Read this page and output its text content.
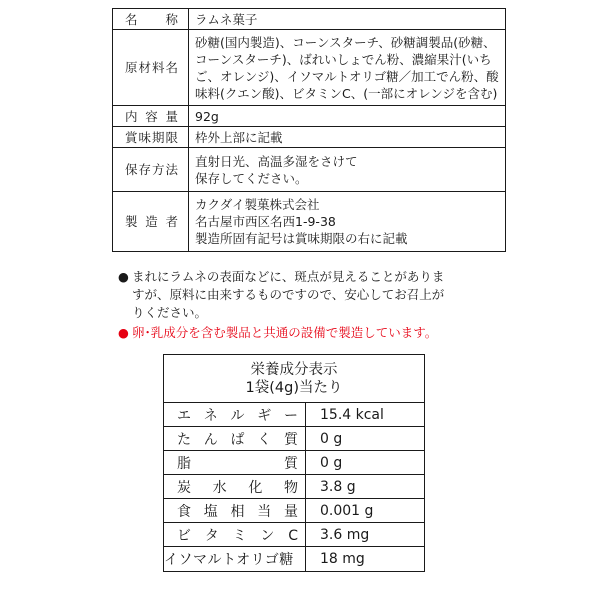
名称	ラムネ菓子
原材料名	砂糖(国内製造)、コーンスターチ、砂糖調製品(砂糖、
コーンスターチ)、ばれいしょでん粉、濃縮果汁(いち
ご、オレンジ)、イソマルトオリゴ糖／加工でん粉、酸
味料(クエン酸)、ビタミンC、(一部にオレンジを含む)

内容量	92g
賞味期限	枠外上部に記載
保存方法	直射日光、高温多湿をさけて
保存してください。

製造者	カクダイ製菓株式会社
名古屋市西区名西1-9-38
製造所固有記号は賞味期限の右に記載
● まれにラムネの表面などに、斑点が見えることがありま

すが、原料に由来するものですので、安心してお召上が

りください。

● 卵･乳成分を含む製品と共通の設備で製造しています。

栄養成分表示
1袋(4g)当たり	

エネルギー	15.4 kcal
たんぱく質	0 g
脂質	0 g
炭水化物	3.8 g
食塩相当量	0.001 g
ビタミンC	3.6 mg
イソマルトオリゴ糖	18 mg
